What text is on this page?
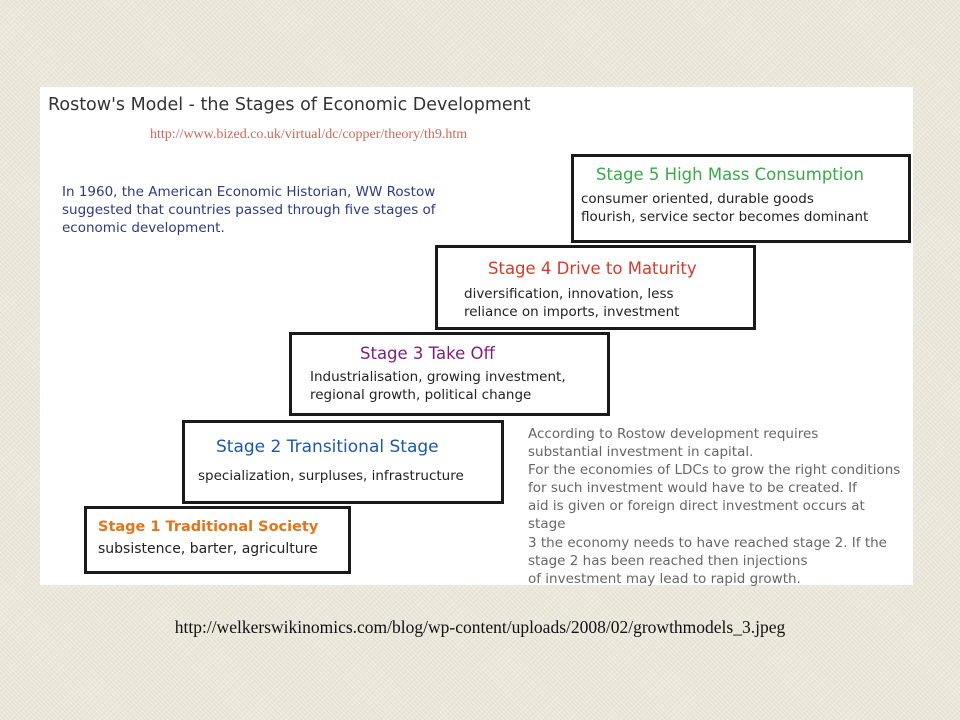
Rostow's Model - the Stages of Economic Development
http://www.bized.co.uk/virtual/dc/copper/theory/th9.htm
In 1960, the American Economic Historian, WW Rostow
suggested that countries passed through five stages of
economic development.
Stage 5 High Mass Consumption
consumer oriented, durable goods
flourish, service sector becomes dominant
Stage 4 Drive to Maturity
diversification, innovation, less
reliance on imports, investment
Stage 3 Take Off
Industrialisation, growing investment,
regional growth, political change
Stage 2 Transitional Stage
specialization, surpluses, infrastructure
Stage 1 Traditional Society
subsistence, barter, agriculture
According to Rostow development requires
substantial investment in capital.
For the economies of LDCs to grow the right conditions
for such investment would have to be created. If
aid is given or foreign direct investment occurs at
stage
3 the economy needs to have reached stage 2. If the stage 2 has been reached then injections
of investment may lead to rapid growth.

http://welkerswikinomics.com/blog/wp-content/uploads/2008/02/growthmodels_3.jpeg
